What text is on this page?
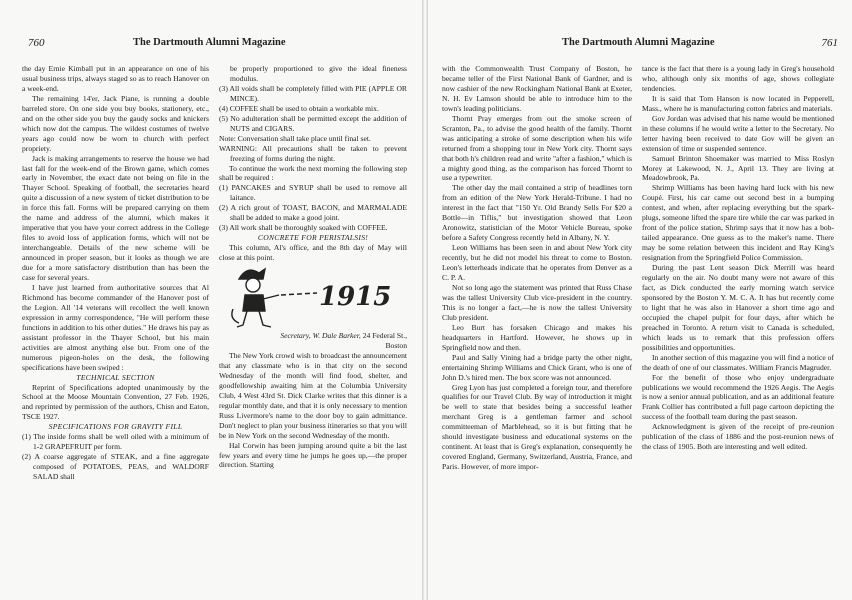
760	The Dartmouth Alumni Magazine

the day Ernie Kimball put in an appearance on one of his usual business trips, always staged so as to reach Hanover on a week-end.

The remaining 14'er, Jack Piane, is running a double barreled store. On one side you buy books, stationery, etc., and on the other side you buy the gaudy socks and knickers which now dot the campus. The wildest costumes of twelve years ago could now be worn to church with perfect propriety.

Jack is making arrangements to reserve the house we had last fall for the week-end of the Brown game, which comes early in November, the exact date not being on file in the Thayer School. Speaking of football, the secretaries heard quite a discussion of a new system of ticket distribution to be in force this fall. Forms will be prepared carrying on them the name and address of the alumni, which makes it imperative that you have your correct address in the College files to avoid loss of application forms, which will not be interchangeable. Details of the new scheme will be announced in proper season, but it looks as though we are due for a more satisfactory distribution than has been the case for several years.

I have just learned from authoritative sources that Al Richmond has become commander of the Hanover post of the Legion. All '14 veterans will recollect the well known expression in army correspondence, "He will perform these functions in addition to his other duties." He draws his pay as assistant professor in the Thayer School, but his main activities are almost anything else but. From one of the numerous pigeon-holes on the desk, the following specifications have been swiped :

TECHNICAL SECTION

Reprint of Specifications adopted unanimously by the School at the Moose Mountain Convention, 27 Feb. 1926, and reprinted by permission of the authors, Chisn and Eaton, TSCE 1927.

SPECIFICATIONS FOR GRAVITY FILL

(1) The inside forms shall be well oiled with a minimum of 1-2 GRAPEFRUIT per form.

(2) A coarse aggregate of STEAK, and a fine aggregate composed of POTATOES, PEAS, and WALDORF SALAD shall

be properly proportioned to give the ideal fineness modulus.

(3) All voids shall be completely filled with PIE (APPLE OR MINCE).

(4) COFFEE shall be used to obtain a workable mix.

(5) No adulteration shall be permitted except the addition of NUTS and CIGARS.

Note: Conversation shall take place until final set.

WARNING: All precautions shall be taken to prevent freezing of forms during the night.

To continue the work the next morning the following step shall be required :

(1) PANCAKES and SYRUP shall be used to remove all laitance.

(2) A rich grout of TOAST, BACON, and MARMALADE shall be added to make a good joint.

(3) All work shall be thoroughly soaked with COFFEE.

CONCRETE FOR PERISTALSIS!

This column, Al's office, and the 8th day of May will close at this point.

1915
Secretary, W. Dale Barker, 24 Federal St.,
Boston

The New York crowd wish to broadcast the announcement that any classmate who is in that city on the second Wednesday of the month will find food, shelter, and goodfellowship awaiting him at the Columbia University Club, 4 West 43rd St. Dick Clarke writes that this dinner is a regular monthly date, and that it is only necessary to mention Russ Livermore's name to the door boy to gain admittance. Don't neglect to plan your business itineraries so that you will be in New York on the second Wednesday of the month.

Hal Corwin has been jumping around quite a bit the last few years and every time he jumps he goes up,—the proper direction. Starting

The Dartmouth Alumni Magazine	761

with the Commonwealth Trust Company of Boston, he became teller of the First National Bank of Gardner, and is now cashier of the new Rockingham National Bank at Exeter, N. H. Ev Lamson should be able to introduce him to the town's leading politicians.

Thornt Pray emerges from out the smoke screen of Scranton, Pa., to advise the good health of the family. Thornt was anticipating a stroke of some description when his wife returned from a shopping tour in New York city. Thornt says that both h's children read and write "after a fashion," which is a mighty good thing, as the comparison has forced Thornt to use a typewriter.

The other day the mail contained a strip of headlines torn from an edition of the New York Herald-Tribune. I had no interest in the fact that "150 Yr. Old Brandy Sells For $20 a Bottle—in Tiflis," but investigation showed that Leon Aronowitz, statistician of the Motor Vehicle Bureau, spoke before a Safety Congress recently held in Albany, N. Y.

Leon Williams has been seen in and about New York city recently, but he did not model his threat to come to Boston. Leon's letterheads indicate that he operates from Denver as a C. P. A.

Not so long ago the statement was printed that Russ Chase was the tallest University Club vice-president in the country. This is no longer a fact,—he is now the tallest University Club president.

Leo Burt has forsaken Chicago and makes his headquarters in Hartford. However, he shows up in Springfield now and then.

Paul and Sally Vining had a bridge party the other night, entertaining Shrimp Williams and Chick Grant, who is one of John D.'s hired men. The box score was not announced.

Greg Lyon has just completed a foreign tour, and therefore qualifies for our Travel Club. By way of introduction it might be well to state that besides being a successful leather merchant Greg is a gentleman farmer and school committeeman of Marblehead, so it is but fitting that he should investigate business and educational systems on the continent. At least that is Greg's explanation, consequently he covered England, Germany, Switzerland, Austria, France, and Paris. However, of more impor-

tance is the fact that there is a young lady in Greg's household who, although only six months of age, shows collegiate tendencies.

It is said that Tom Hanson is now located in Pepperell, Mass., where he is manufacturing cotton fabrics and materials.

Gov Jordan was advised that his name would be mentioned in these columns if he would write a letter to the Secretary. No letter having been received to date Gov will be given an extension of time or suspended sentence.

Samuel Brinton Shoemaker was married to Miss Roslyn Morey at Lakewood, N. J., April 13. They are living at Meadowbrook, Pa.

Shrimp Williams has been having hard luck with his new Coupé. First, his car came out second best in a bumping contest, and when, after replacing everything but the spark-plugs, someone lifted the spare tire while the car was parked in front of the police station, Shrimp says that it now has a bob-tailed appearance. One guess as to the maker's name. There may be some relation between this incident and Ray King's resignation from the Springfield Police Commission.

During the past Lent season Dick Merrill was heard regularly on the air. No doubt many were not aware of this fact, as Dick conducted the early morning watch service sponsored by the Boston Y. M. C. A. It has but recently come to light that he was also in Hanover a short time ago and occupied the chapel pulpit for four days, after which he preached in Toronto. A return visit to Canada is scheduled, which leads us to remark that this profession offers possibilities and opportunities.

In another section of this magazine you will find a notice of the death of one of our classmates. William Francis Magruder.

For the benefit of those who enjoy undergraduate publications we would recommend the 1926 Aegis. The Aegis is now a senior annual publication, and as an additional feature Frank Collier has contributed a full page cartoon depicting the success of the football team during the past season.

Acknowledgment is given of the receipt of pre-reunion publication of the class of 1886 and the post-reunion news of the class of 1905. Both are interesting and well edited.
